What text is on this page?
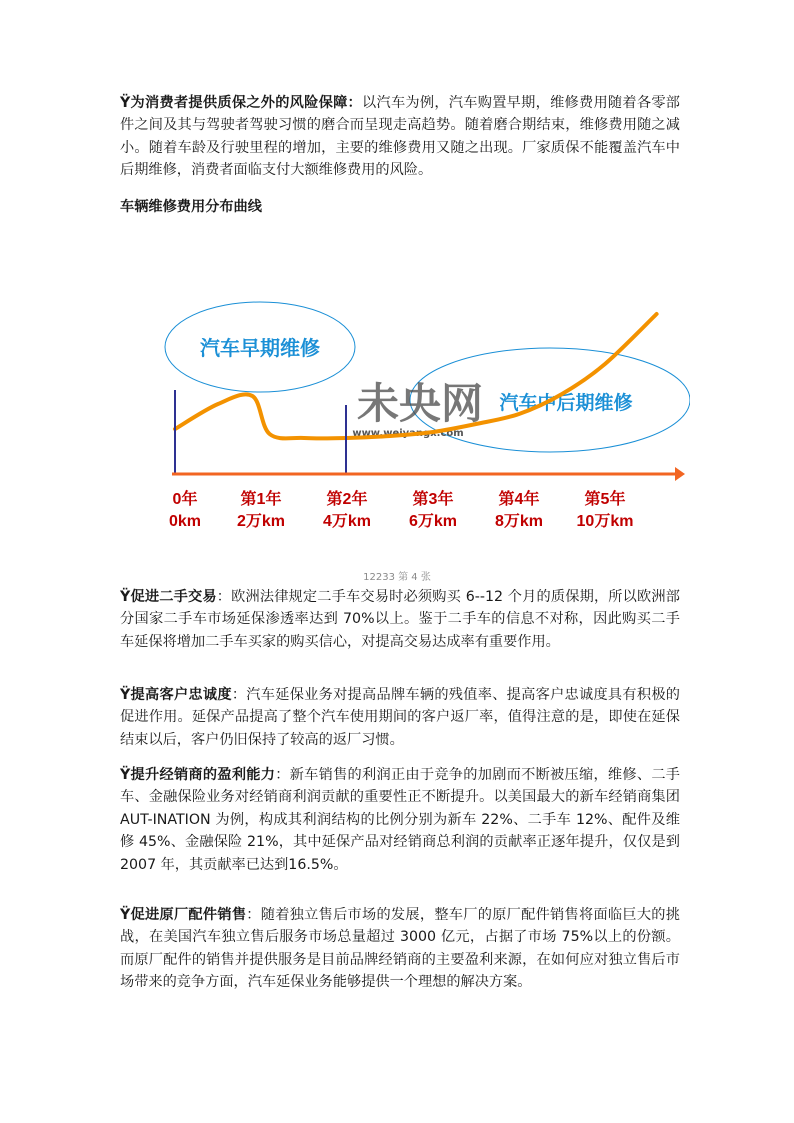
Ÿ为消费者提供质保之外的风险保障：以汽车为例，汽车购置早期，维修费用随着各零部件之间及其与驾驶者驾驶习惯的磨合而呈现走高趋势。随着磨合期结束，维修费用随之减小。随着车龄及行驶里程的增加，主要的维修费用又随之出现。厂家质保不能覆盖汽车中后期维修，消费者面临支付大额维修费用的风险。

车辆维修费用分布曲线

汽车早期维修
汽车中后期维修
未央网
www.weiyangx.com
0年
0km
第1年
2万km
第2年
4万km
第3年
6万km
第4年
8万km
第5年
10万km
12233 第 4 张

Ÿ促进二手交易：欧洲法律规定二手车交易时必须购买 6--12 个月的质保期，所以欧洲部分国家二手车市场延保渗透率达到 70%以上。鉴于二手车的信息不对称，因此购买二手车延保将增加二手车买家的购买信心，对提高交易达成率有重要作用。

Ÿ提高客户忠诚度：汽车延保业务对提高品牌车辆的残值率、提高客户忠诚度具有积极的促进作用。延保产品提高了整个汽车使用期间的客户返厂率，值得注意的是，即使在延保结束以后，客户仍旧保持了较高的返厂习惯。

Ÿ提升经销商的盈利能力：新车销售的利润正由于竞争的加剧而不断被压缩，维修、二手车、金融保险业务对经销商利润贡献的重要性正不断提升。以美国最大的新车经销商集团 AUT-INATION 为例，构成其利润结构的比例分别为新车 22%、二手车 12%、配件及维修 45%、金融保险 21%，其中延保产品对经销商总利润的贡献率正逐年提升，仅仅是到 2007 年，其贡献率已达到16.5%。

Ÿ促进原厂配件销售：随着独立售后市场的发展，整车厂的原厂配件销售将面临巨大的挑战，在美国汽车独立售后服务市场总量超过 3000 亿元，占据了市场 75%以上的份额。而原厂配件的销售并提供服务是目前品牌经销商的主要盈利来源，在如何应对独立售后市场带来的竞争方面，汽车延保业务能够提供一个理想的解决方案。
